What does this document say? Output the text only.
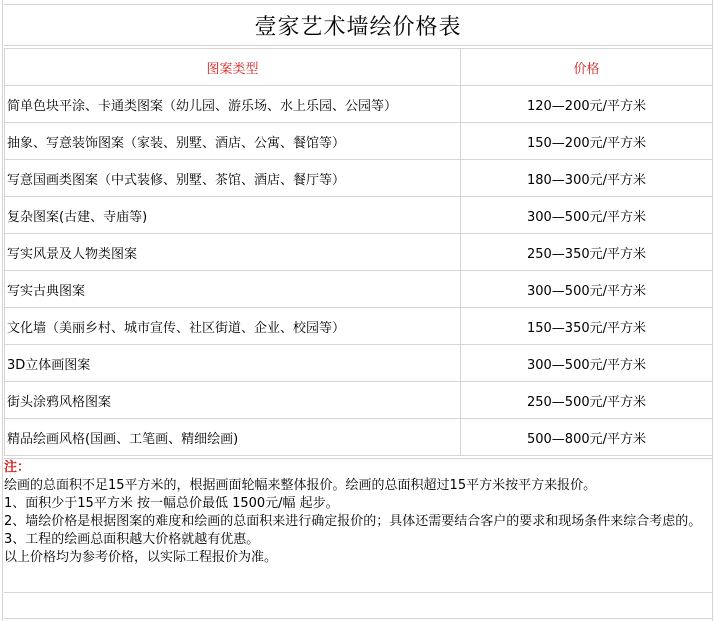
壹家艺术墙绘价格表
图案类型	价格
简单色块平涂、卡通类图案（幼儿园、游乐场、水上乐园、公园等）	120—200元/平方米
抽象、写意装饰图案（家装、别墅、酒店、公寓、餐馆等）	150—200元/平方米
写意国画类图案（中式装修、别墅、茶馆、酒店、餐厅等）	180—300元/平方米
复杂图案(古建、寺庙等)	300—500元/平方米
写实风景及人物类图案	250—350元/平方米
写实古典图案	300—500元/平方米
文化墙（美丽乡村、城市宣传、社区街道、企业、校园等）	150—350元/平方米
3D立体画图案	300—500元/平方米
街头涂鸦风格图案	250—500元/平方米
精品绘画风格(国画、工笔画、精细绘画)	500—800元/平方米
注：
绘画的总面积不足15平方米的，根据画面轮幅来整体报价。绘画的总面积超过15平方米按平方来报价。
1、面积少于15平方米 按一幅总价最低 1500元/幅 起步。
2、墙绘价格是根据图案的难度和绘画的总面积来进行确定报价的；具体还需要结合客户的要求和现场条件来综合考虑的。
3、工程的绘画总面积越大价格就越有优惠。
以上价格均为参考价格，以实际工程报价为准。
